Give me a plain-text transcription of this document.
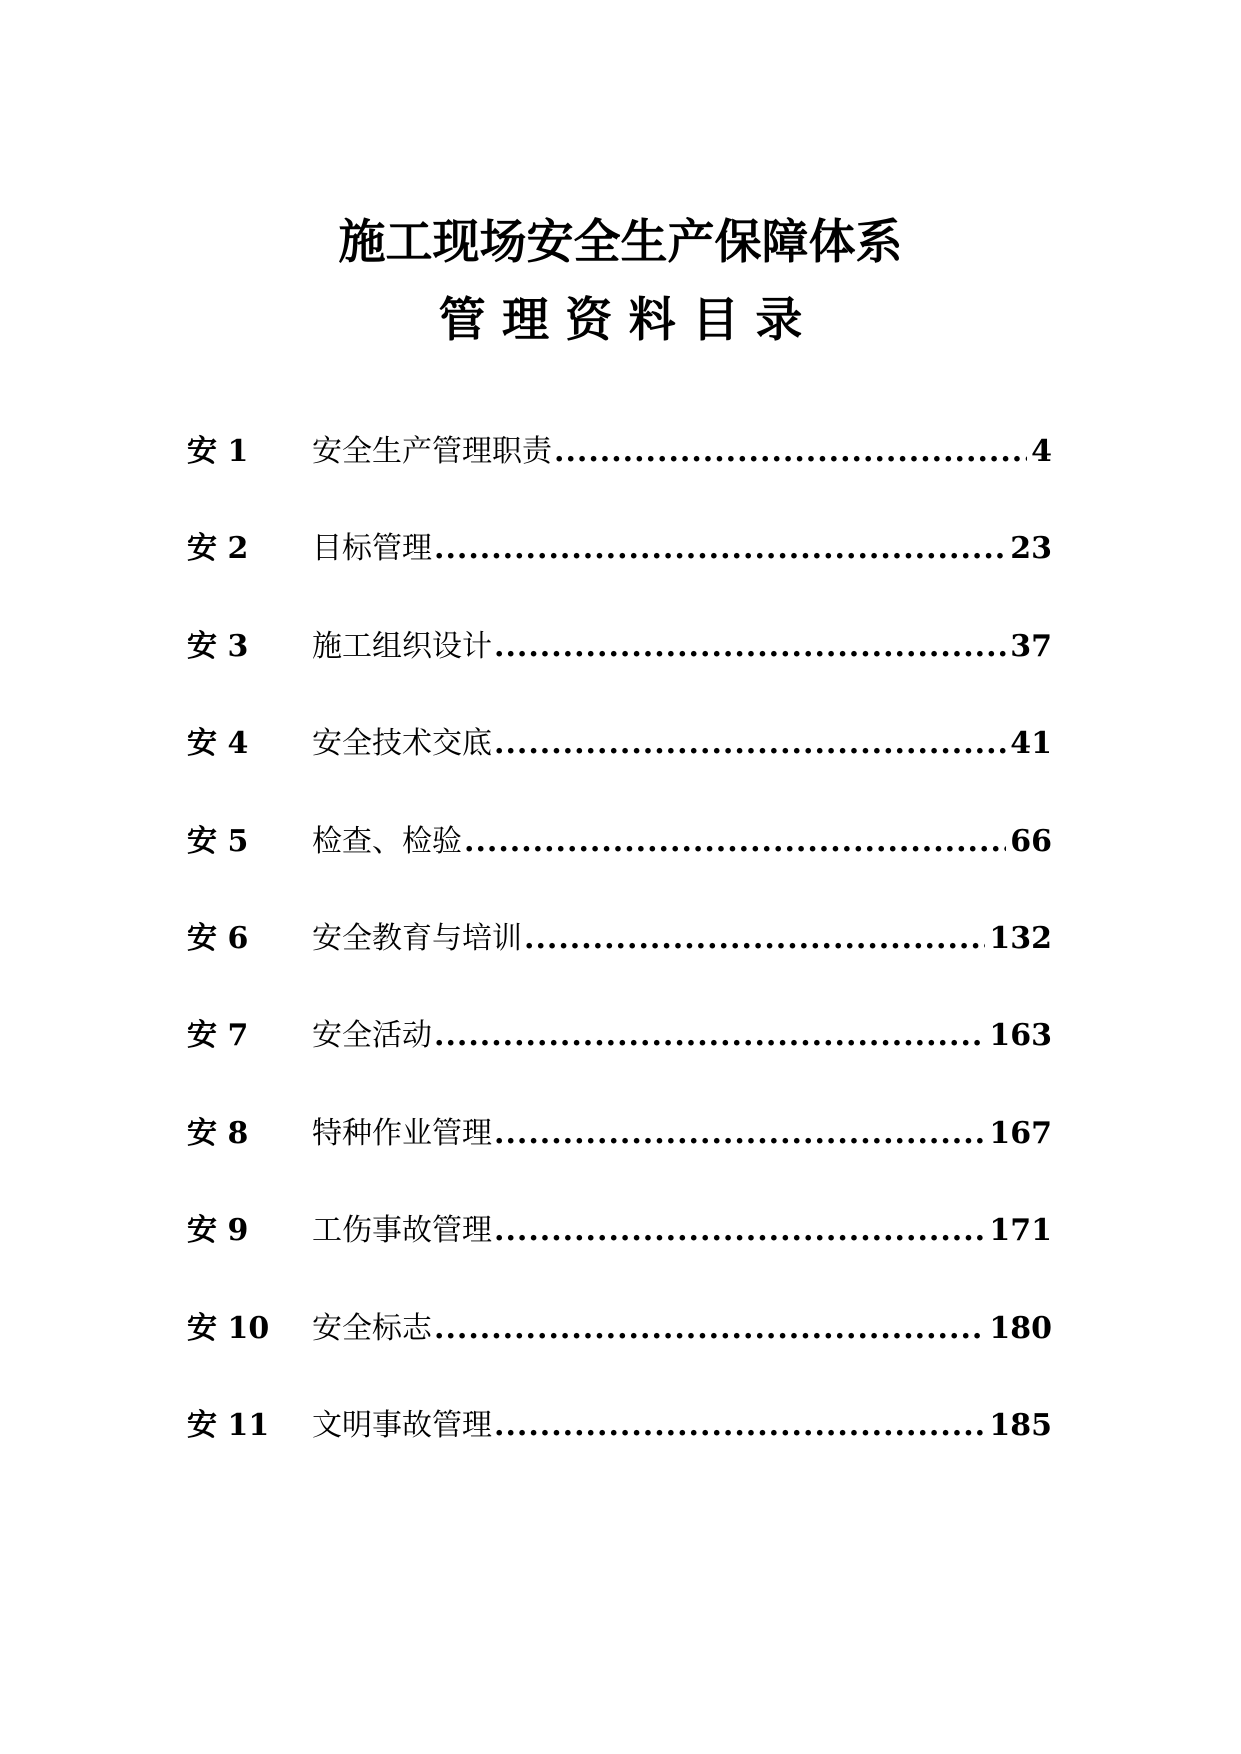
施工现场安全生产保障体系
管 理 资 料 目 录
安 1	安全生产管理职责 .....	4
安 2	目标管理 .....	23
安 3	施工组织设计 .....	37
安 4	安全技术交底 .....	41
安 5	检查、检验 .....	66
安 6	安全教育与培训 .....	132
安 7	安全活动 .....	163
安 8	特种作业管理 .....	167
安 9	工伤事故管理 .....	171
安 10	安全标志 .....	180
安 11	文明事故管理 .....	185
